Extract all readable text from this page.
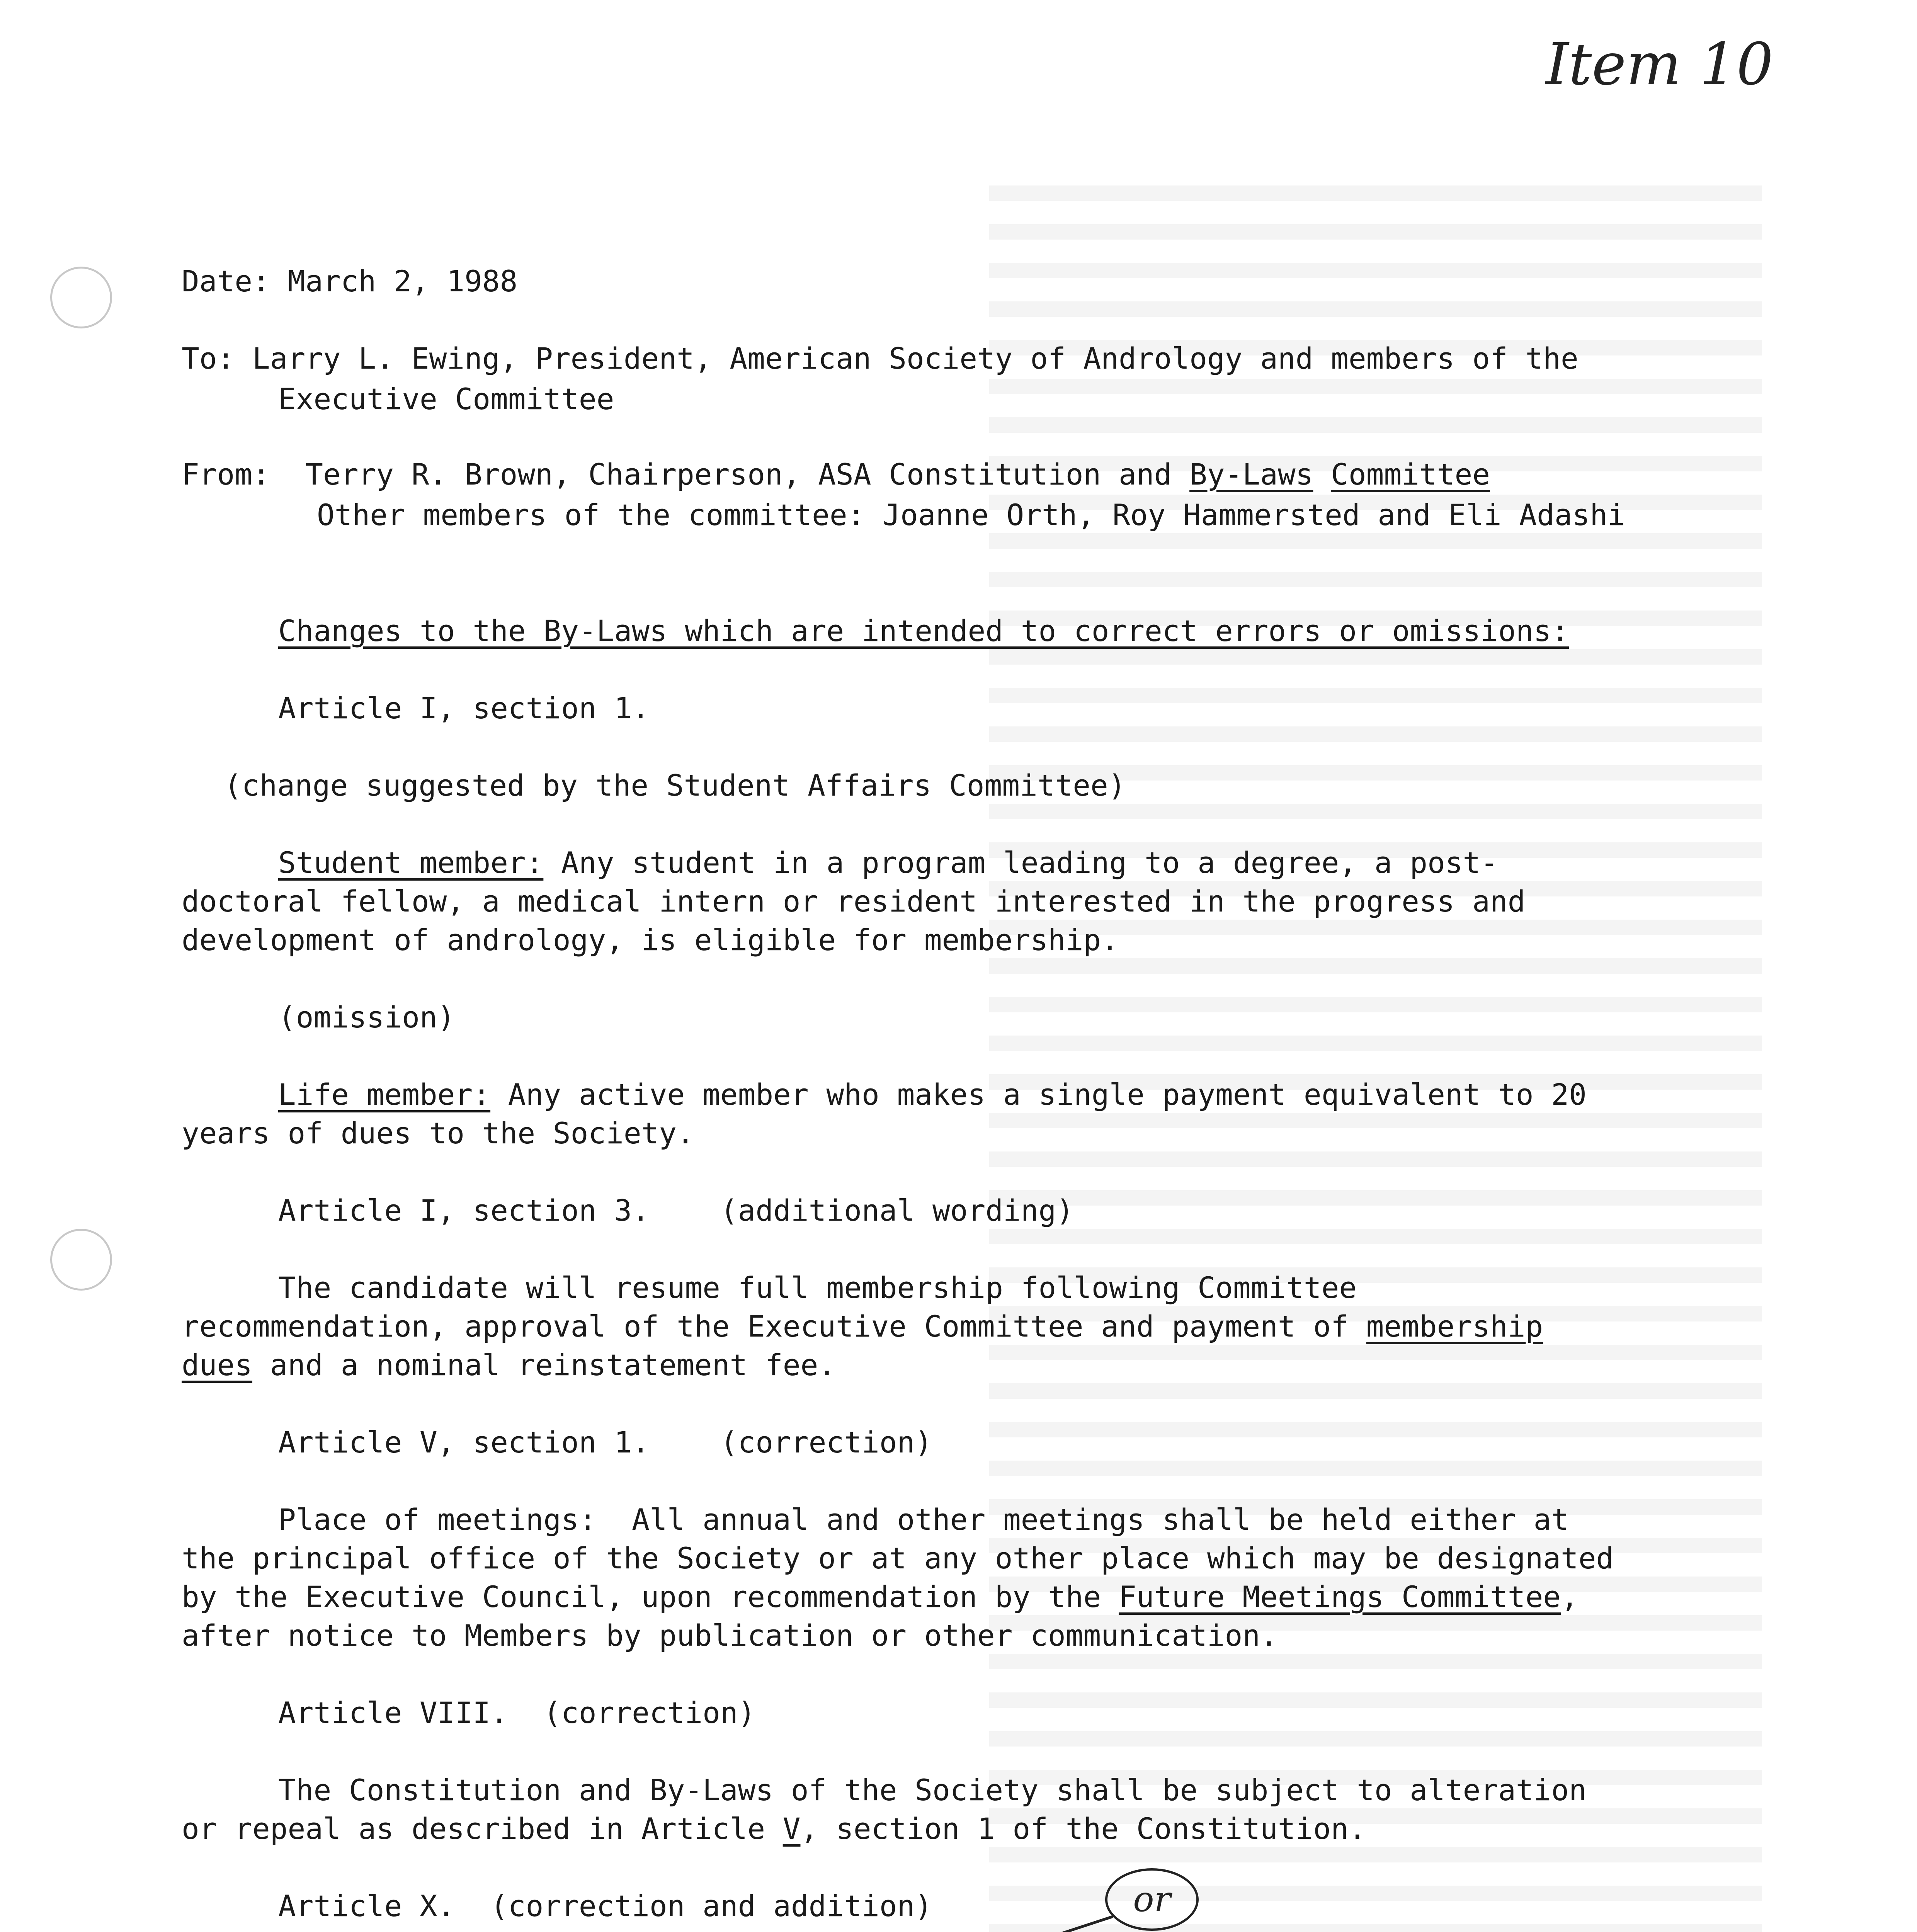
Item 10
Date: March 2, 1988
To: Larry L. Ewing, President, American Society of Andrology and members of the
Executive Committee
From:  Terry R. Brown, Chairperson, ASA Constitution and By-Laws Committee
Other members of the committee: Joanne Orth, Roy Hammersted and Eli Adashi
Changes to the By-Laws which are intended to correct errors or omissions:
Article I, section 1.
(change suggested by the Student Affairs Committee)
Student member: Any student in a program leading to a degree, a post-
doctoral fellow, a medical intern or resident interested in the progress and
development of andrology, is eligible for membership.
(omission)
Life member: Any active member who makes a single payment equivalent to 20
years of dues to the Society.
Article I, section 3.    (additional wording)
The candidate will resume full membership following Committee
recommendation, approval of the Executive Committee and payment of membership
dues and a nominal reinstatement fee.
Article V, section 1.    (correction)
Place of meetings:  All annual and other meetings shall be held either at
the principal office of the Society or at any other place which may be designated
by the Executive Council, upon recommendation by the Future Meetings Committee,
after notice to Members by publication or other communication.
Article VIII.  (correction)
The Constitution and By-Laws of the Society shall be subject to alteration
or repeal as described in Article V, section 1 of the Constitution.
Article X.  (correction and addition)	or
